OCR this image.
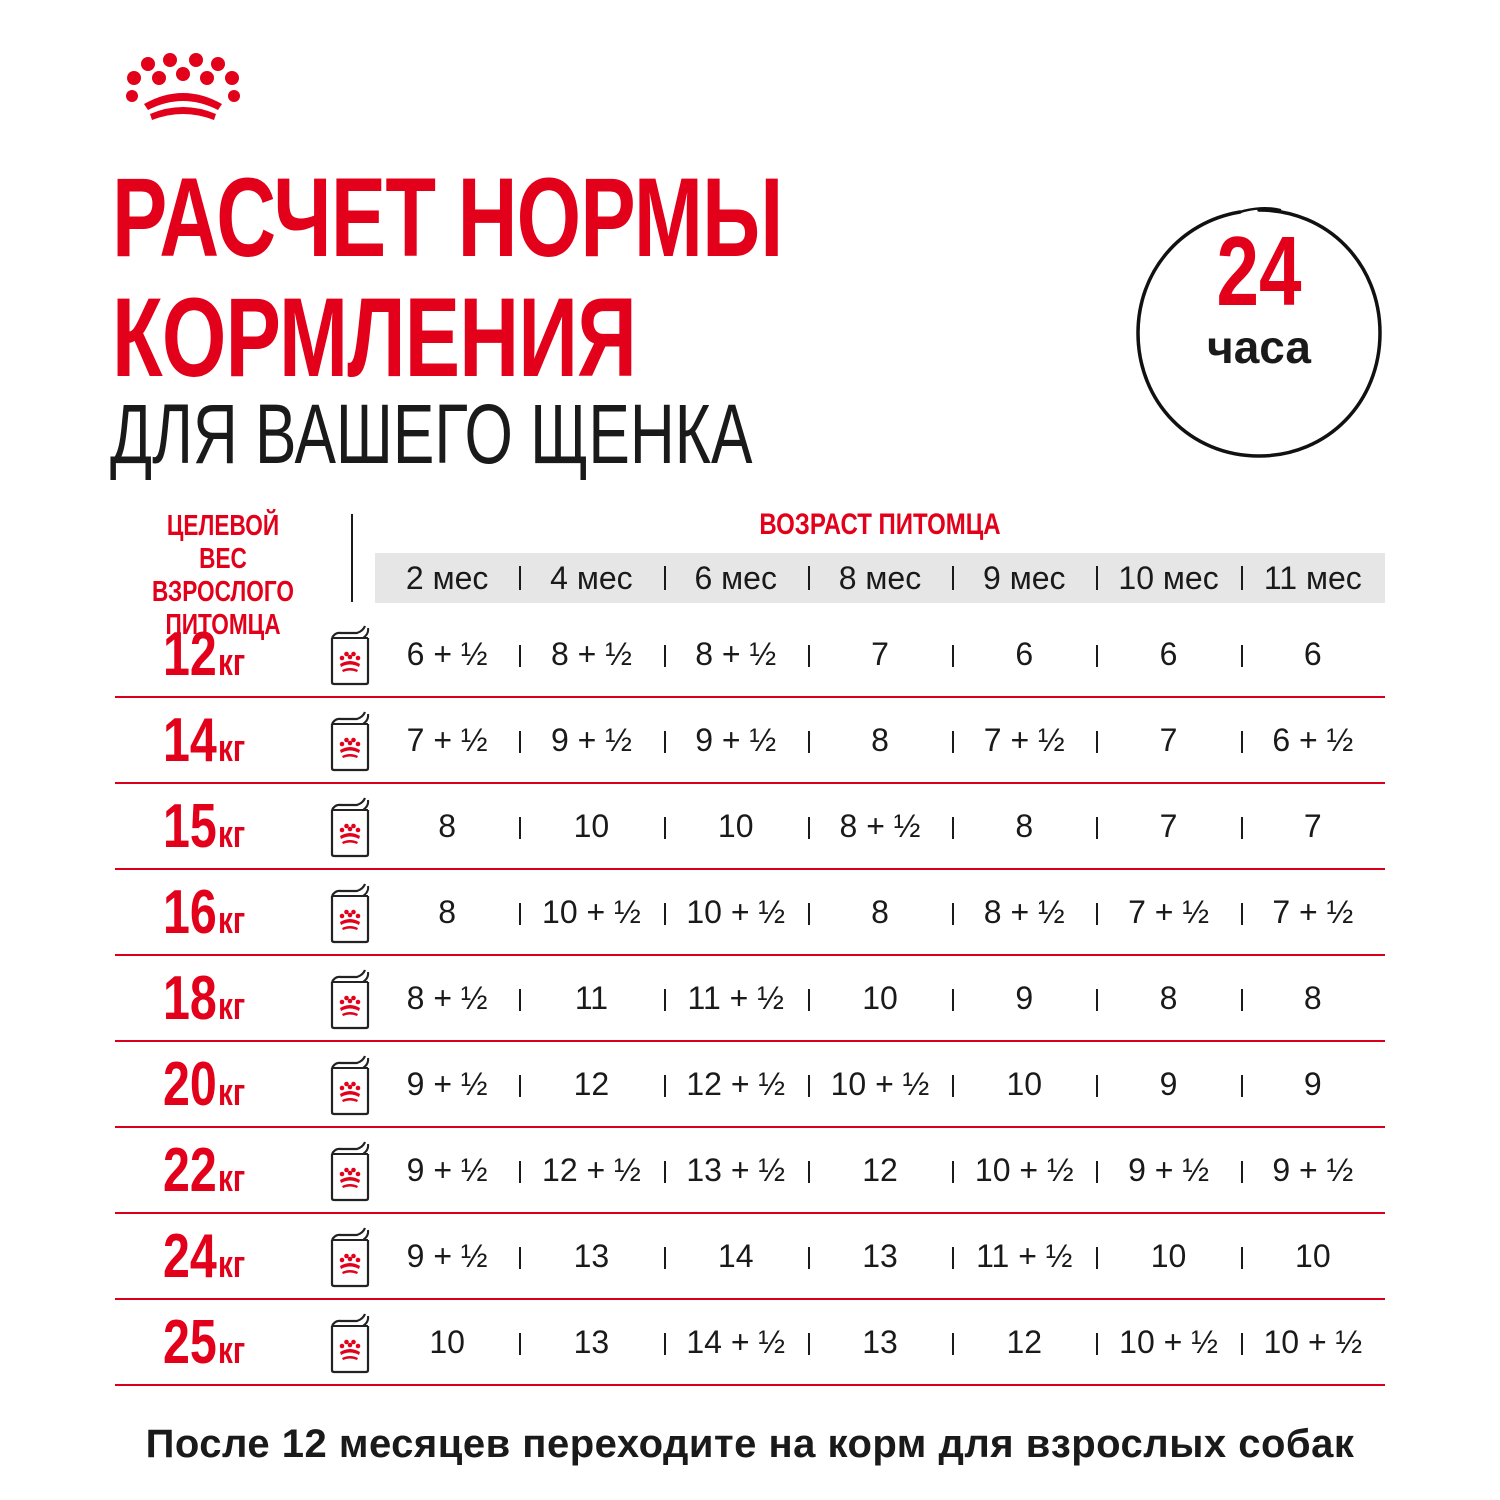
РАСЧЕТ НОРМЫ
КОРМЛЕНИЯ
ДЛЯ ВАШЕГО ЩЕНКА
24
часа
ЦЕЛЕВОЙ ВЕС
ВЗРОСЛОГО
ПИТОМЦА
ВОЗРАСТ ПИТОМЦА
2 мес	4 мес	6 мес	8 мес	9 мес	10 мес	11 мес
12кг	6 + ½	8 + ½	8 + ½	7	6	6	6
14кг	7 + ½	9 + ½	9 + ½	8	7 + ½	7	6 + ½
15кг	8	10	10	8 + ½	8	7	7
16кг	8	10 + ½	10 + ½	8	8 + ½	7 + ½	7 + ½
18кг	8 + ½	11	11 + ½	10	9	8	8
20кг	9 + ½	12	12 + ½	10 + ½	10	9	9
22кг	9 + ½	12 + ½	13 + ½	12	10 + ½	9 + ½	9 + ½
24кг	9 + ½	13	14	13	11 + ½	10	10
25кг	10	13	14 + ½	13	12	10 + ½	10 + ½
После 12 месяцев переходите на корм для взрослых собак
